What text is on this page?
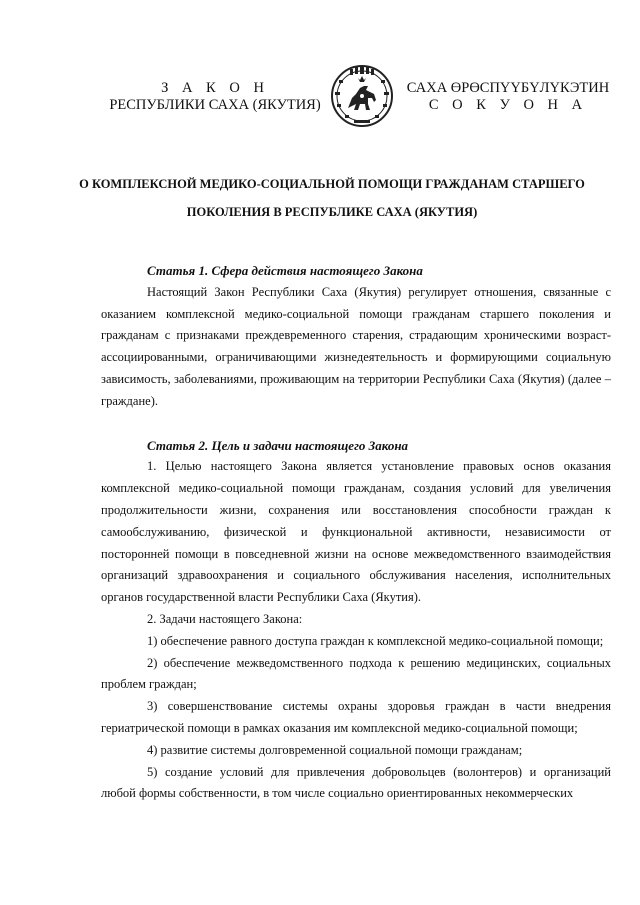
З А К О Н
РЕСПУБЛИКИ САХА (ЯКУТИЯ)
САХА ӨРӨСПҮҮБҮЛҮКЭТИН
С О К У О Н А
О КОМПЛЕКСНОЙ МЕДИКО-СОЦИАЛЬНОЙ ПОМОЩИ ГРАЖДАНАМ СТАРШЕГО
ПОКОЛЕНИЯ В РЕСПУБЛИКЕ САХА (ЯКУТИЯ)

Статья 1. Сфера действия настоящего Закона

Настоящий Закон Республики Саха (Якутия) регулирует отношения, связанные с оказанием комплексной медико-социальной помощи гражданам старшего поколения и гражданам с признаками преждевременного старения, страдающим хроническими возраст-ассоциированными, ограничивающими жизнедеятельность и формирующими социальную зависимость, заболеваниями, проживающим на территории Республики Саха (Якутия) (далее – граждане).

Статья 2. Цель и задачи настоящего Закона

1. Целью настоящего Закона является установление правовых основ оказания комплексной медико-социальной помощи гражданам, создания условий для увеличения продолжительности жизни, сохранения или восстановления способности граждан к самообслуживанию, физической и функциональной активности, независимости от посторонней помощи в повседневной жизни на основе межведомственного взаимодействия организаций здравоохранения и социального обслуживания населения, исполнительных органов государственной власти Республики Саха (Якутия).

2. Задачи настоящего Закона:

1) обеспечение равного доступа граждан к комплексной медико-социальной помощи;

2) обеспечение межведомственного подхода к решению медицинских, социальных проблем граждан;

3) совершенствование системы охраны здоровья граждан в части внедрения гериатрической помощи в рамках оказания им комплексной медико-социальной помощи;

4) развитие системы долговременной социальной помощи гражданам;

5) создание условий для привлечения добровольцев (волонтеров) и организаций любой формы собственности, в том числе социально ориентированных некоммерческих
